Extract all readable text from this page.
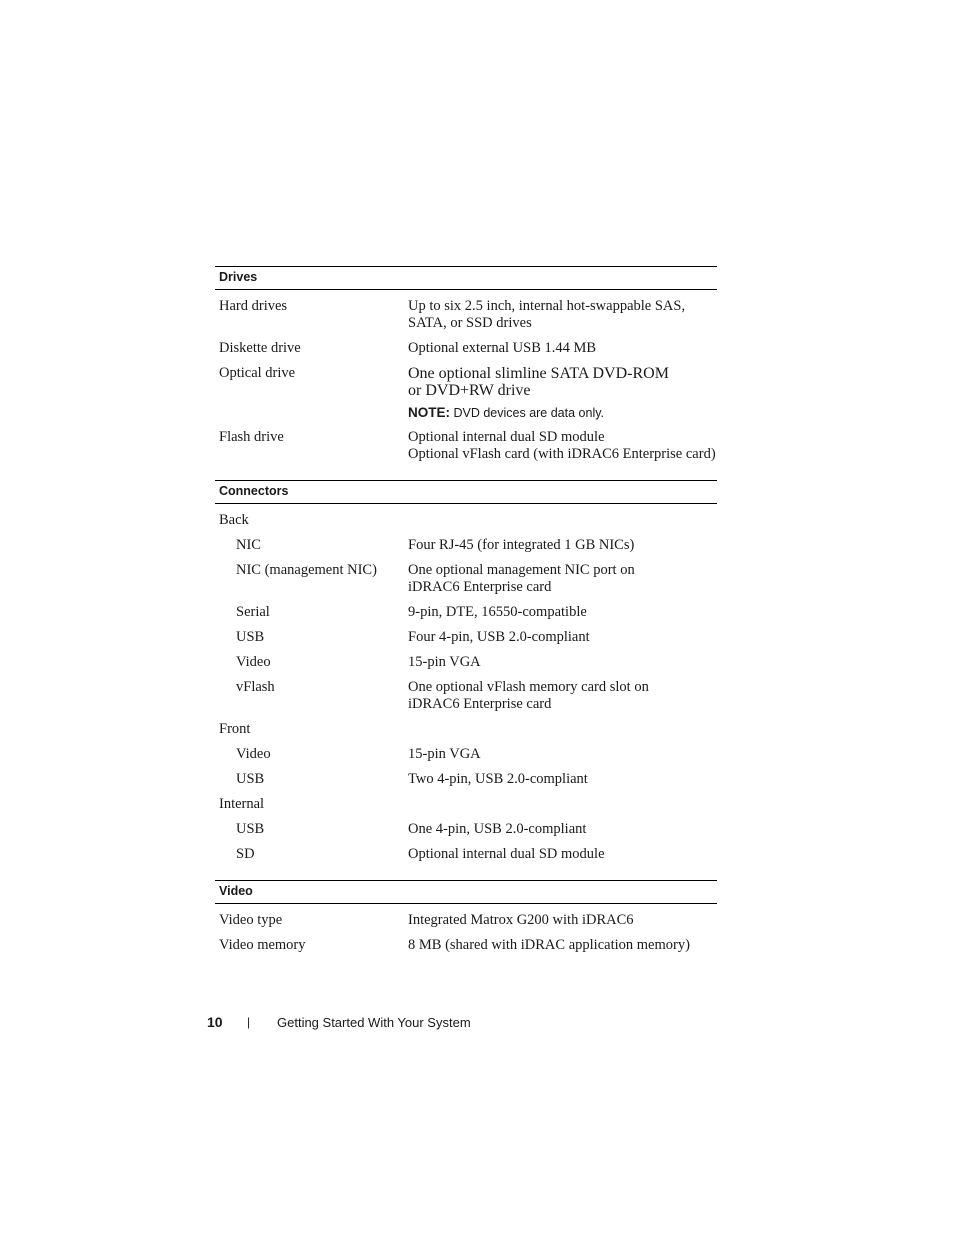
Drives
Hard drives	Up to six 2.5 inch, internal hot-swappable SAS,
SATA, or SSD drives
Diskette drive	Optional external USB 1.44 MB
Optical drive	One optional slimline SATA DVD-ROM
or DVD+RW drive
NOTE: DVD devices are data only.
Flash drive	Optional internal dual SD module
Optional vFlash card (with iDRAC6 Enterprise card)
Connectors
Back
NIC	Four RJ-45 (for integrated 1 GB NICs)
NIC (management NIC)	One optional management NIC port on
iDRAC6 Enterprise card
Serial	9-pin, DTE, 16550-compatible
USB	Four 4-pin, USB 2.0-compliant
Video	15-pin VGA
vFlash	One optional vFlash memory card slot on
iDRAC6 Enterprise card
Front
Video	15-pin VGA
USB	Two 4-pin, USB 2.0-compliant
Internal
USB	One 4-pin, USB 2.0-compliant
SD	Optional internal dual SD module
Video
Video type	Integrated Matrox G200 with iDRAC6
Video memory	8 MB (shared with iDRAC application memory)
10	|	Getting Started With Your System
